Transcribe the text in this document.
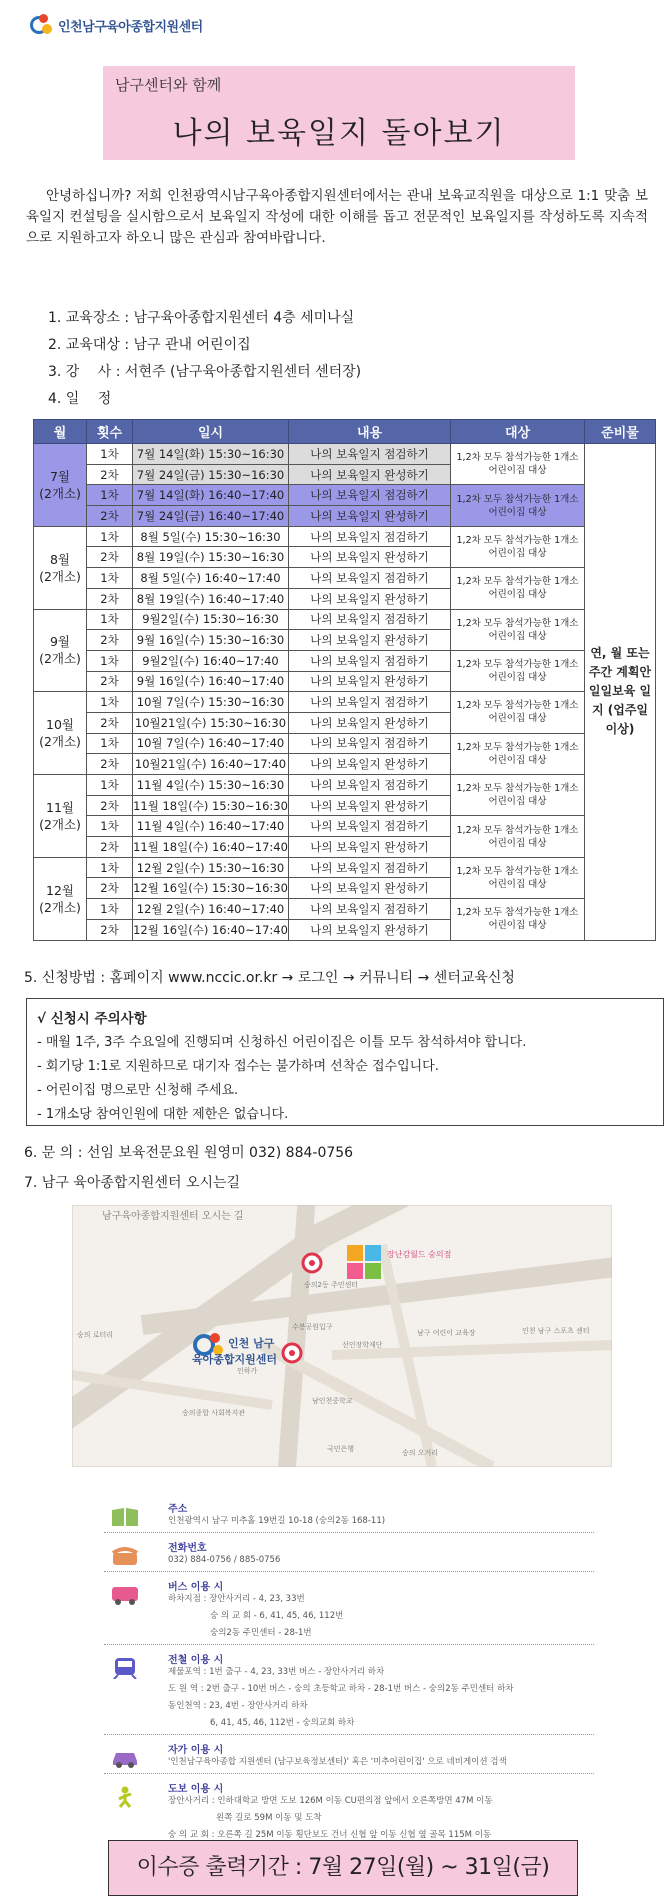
인천남구육아종합지원센터
남구센터와 함께
나의 보육일지 돌아보기

안녕하십니까? 저희 인천광역시남구육아종합지원센터에서는 관내 보육교직원을 대상으로 1:1 맞춤 보육일지 컨설팅을 실시함으로서 보육일지 작성에 대한 이해를 돕고 전문적인 보육일지를 작성하도록 지속적으로 지원하고자 하오니 많은 관심과 참여바랍니다.

1. 교육장소 : 남구육아종합지원센터 4층 세미나실
2. 교육대상 : 남구 관내 어린이집
3. 강　 사 : 서현주 (남구육아종합지원센터 센터장)
4. 일　 정
월	횟수	일시	내용	대상	준비물
7월
(2개소)	1차	7월 14일(화) 15:30~16:30	나의 보육일지 점검하기	1,2차 모두 참석가능한 1개소 어린이집 대상	연, 월 또는 주간 계획안 일일보육 일지 (업주일 이상)
	2차	7월 24일(금) 15:30~16:30	나의 보육일지 완성하기		
	1차	7월 14일(화) 16:40~17:40	나의 보육일지 점검하기	1,2차 모두 참석가능한 1개소 어린이집 대상	
	2차	7월 24일(금) 16:40~17:40	나의 보육일지 완성하기		
8월
(2개소)	1차	8월 5일(수) 15:30~16:30	나의 보육일지 점검하기	1,2차 모두 참석가능한 1개소 어린이집 대상	
	2차	8월 19일(수) 15:30~16:30	나의 보육일지 완성하기		
	1차	8월 5일(수) 16:40~17:40	나의 보육일지 점검하기	1,2차 모두 참석가능한 1개소 어린이집 대상	
	2차	8월 19일(수) 16:40~17:40	나의 보육일지 완성하기		
9월
(2개소)	1차	9월2일(수) 15:30~16:30	나의 보육일지 점검하기	1,2차 모두 참석가능한 1개소 어린이집 대상	
	2차	9월 16일(수) 15:30~16:30	나의 보육일지 완성하기		
	1차	9월2일(수) 16:40~17:40	나의 보육일지 점검하기	1,2차 모두 참석가능한 1개소 어린이집 대상	
	2차	9월 16일(수) 16:40~17:40	나의 보육일지 완성하기		
10월
(2개소)	1차	10월 7일(수) 15:30~16:30	나의 보육일지 점검하기	1,2차 모두 참석가능한 1개소 어린이집 대상	
	2차	10월21일(수) 15:30~16:30	나의 보육일지 완성하기		
	1차	10월 7일(수) 16:40~17:40	나의 보육일지 점검하기	1,2차 모두 참석가능한 1개소 어린이집 대상	
	2차	10월21일(수) 16:40~17:40	나의 보육일지 완성하기		
11월
(2개소)	1차	11월 4일(수) 15:30~16:30	나의 보육일지 점검하기	1,2차 모두 참석가능한 1개소 어린이집 대상	
	2차	11월 18일(수) 15:30~16:30	나의 보육일지 완성하기		
	1차	11월 4일(수) 16:40~17:40	나의 보육일지 점검하기	1,2차 모두 참석가능한 1개소 어린이집 대상	
	2차	11월 18일(수) 16:40~17:40	나의 보육일지 완성하기		
12월
(2개소)	1차	12월 2일(수) 15:30~16:30	나의 보육일지 점검하기	1,2차 모두 참석가능한 1개소 어린이집 대상	
	2차	12월 16일(수) 15:30~16:30	나의 보육일지 완성하기		
	1차	12월 2일(수) 16:40~17:40	나의 보육일지 점검하기	1,2차 모두 참석가능한 1개소 어린이집 대상	
	2차	12월 16일(수) 16:40~17:40	나의 보육일지 완성하기		
5. 신청방법 : 홈페이지 www.nccic.or.kr → 로그인 → 커뮤니티 → 센터교육신청
√ 신청시 주의사항
- 매월 1주, 3주 수요일에 진행되며 신청하신 어린이집은 이틀 모두 참석하셔야 합니다.
- 회기당 1:1로 지원하므로 대기자 접수는 불가하며 선착순 접수입니다.
- 어린이집 명으로만 신청해 주세요.
- 1개소당 참여인원에 대한 제한은 없습니다.
6. 문 의 : 선임 보육전문요원 원영미 032) 884-0756
7. 남구 육아종합지원센터 오시는길
남구육아종합지원센터 오시는 길
장난감월드 숭의점
숭의2동 주민센터
남구 어린이 교육장	인천 남구 스포츠 센터
숭의 로터리
숭의종합 사회복지관
남인천중학교
국민은행	숭의 오거리
선인장학재단
수봉공원입구
인하가
인천 남구
육아종합지원센터
주소
인천광역시 남구 미추홀 19번길 10-18 (숭의2동 168-11)
전화번호
032) 884-0756 / 885-0756
버스 이용 시
하차지점 : 장안사거리 - 4, 23, 33번
숭 의 교 회 - 6, 41, 45, 46, 112번
숭의2동 주민센터 - 28-1번
전철 이용 시
제물포역 : 1번 출구 - 4, 23, 33번 버스 - 장안사거리 하차
도 원 역 : 2번 출구 - 10번 버스 - 숭의 초등학교 하차 - 28-1번 버스 - 숭의2동 주민센터 하차
동인천역 : 23, 4번 - 장안사거리 하차
6, 41, 45, 46, 112번 - 숭의교회 하차
자가 이용 시
'인천남구육아종합 지원센터 (남구보육정보센터)' 혹은 '미추어린이집' 으로 네비게이션 검색
도보 이용 시
장안사거리 : 인하대학교 방면 도보 126M 이동 CU편의점 앞에서 오른쪽방면 47M 이동
왼쪽 길로 59M 이동 및 도착
숭 의 교 회 : 오른쪽 길 25M 이동 횡단보도 건너 신협 앞 이동 신협 옆 골목 115M 이동
이수증 출력기간 : 7월 27일(월) ~ 31일(금)
